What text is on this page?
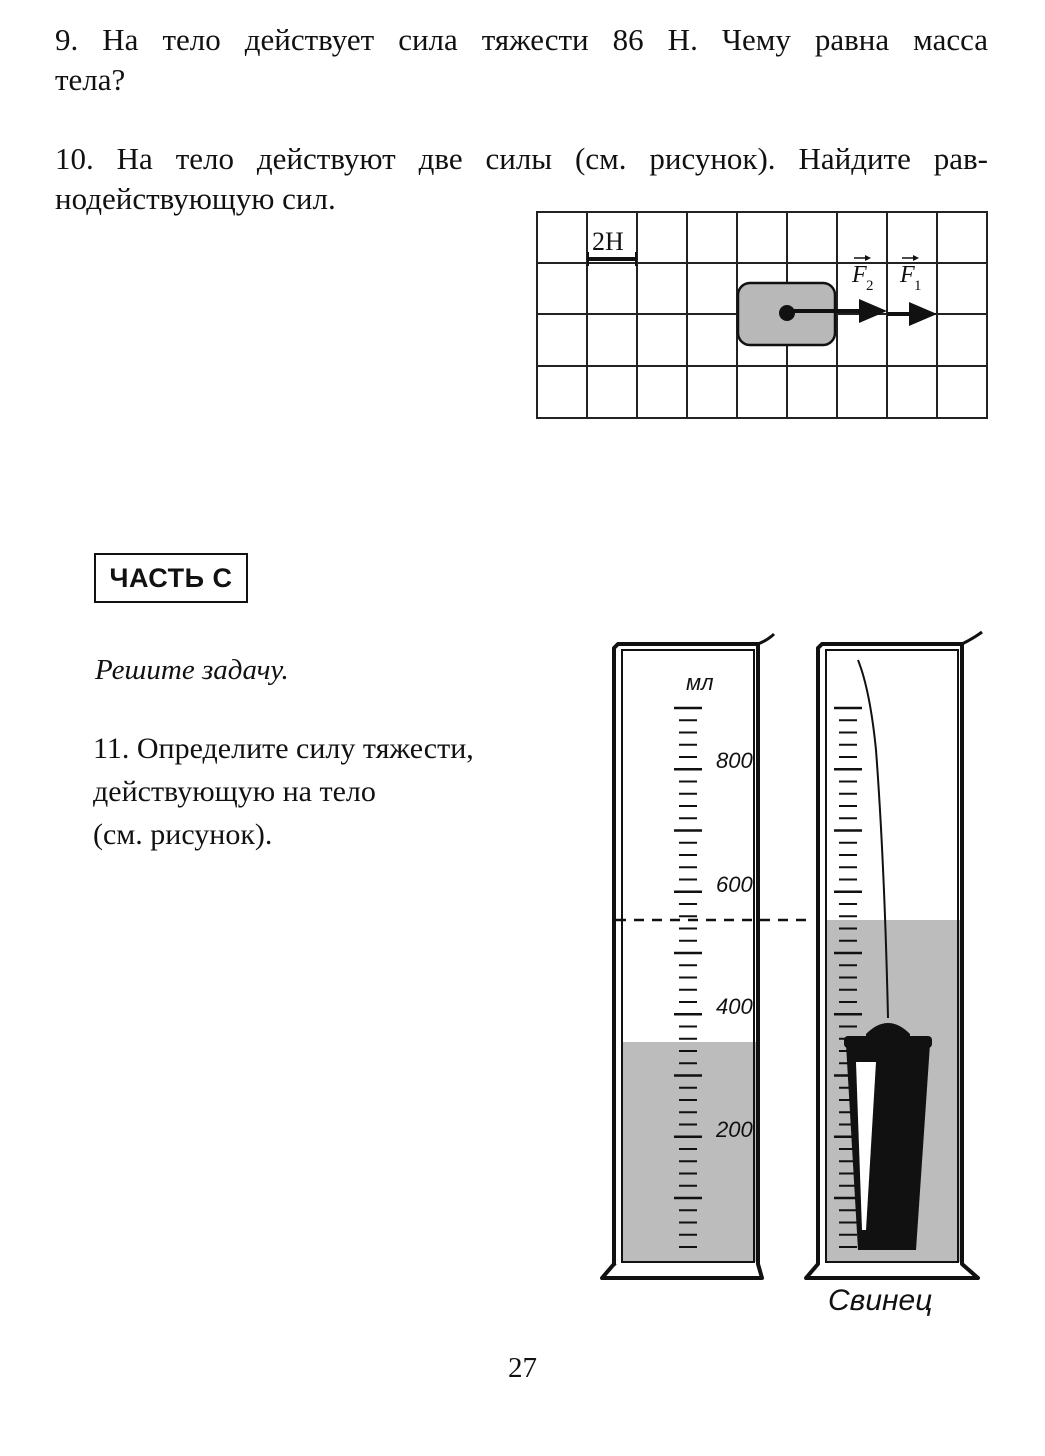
9. На тело действует сила тяжести 86 Н. Чему равна масса
тела?

10. На тело действуют две силы (см. рисунок). Найдите рав-
нодействующую сил.

2Н
F 2 F 1
ЧАСТЬ С
Решите задачу.

11. Определите силу тяжести,
действующую на тело
(см. рисунок).

мл
800
600
400
200
Свинец
27
